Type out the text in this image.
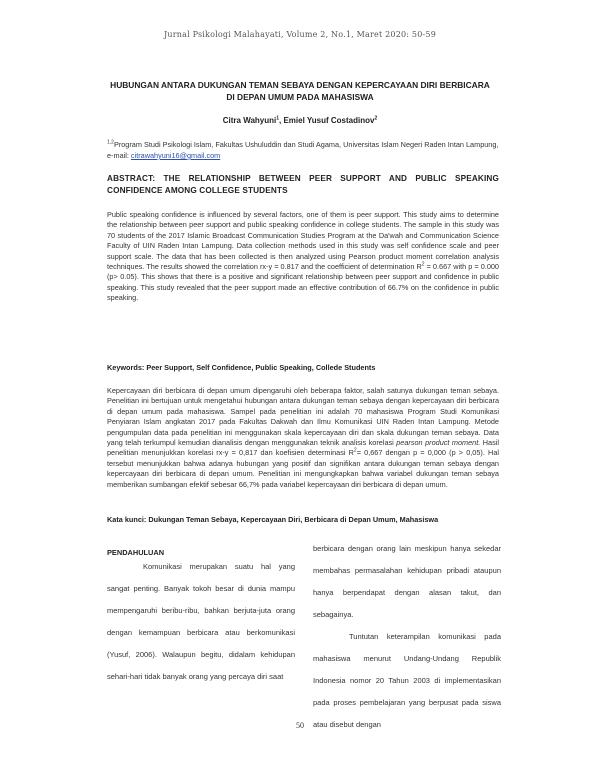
Jurnal Psikologi Malahayati, Volume 2, No.1, Maret 2020: 50-59
HUBUNGAN ANTARA DUKUNGAN TEMAN SEBAYA DENGAN KEPERCAYAAN DIRI BERBICARA DI DEPAN UMUM PADA MAHASISWA
Citra Wahyuni$^1$, Emiel Yusuf Costadinov$^2$
$^{1,2}$Program Studi Psikologi Islam, Fakultas Ushuluddin dan Studi Agama, Universitas Islam Negeri Raden Intan Lampung, e-mail: citrawahyuni16@gmail.com
ABSTRACT: THE RELATIONSHIP BETWEEN PEER SUPPORT AND PUBLIC SPEAKING CONFIDENCE AMONG COLLEGE STUDENTS
Public speaking confidence is influenced by several factors, one of them is peer support. This study aims to determine the relationship between peer support and public speaking confidence in college students. The sample in this study was 70 students of the 2017 Islamic Broadcast Communication Studies Program at the Da'wah and Communication Science Faculty of UIN Raden Intan Lampung. Data collection methods used in this study was self confidence scale and peer support scale. The data that has been collected is then analyzed using Pearson product moment correlation analysis techniques. The results showed the correlation rx-y = 0.817 and the coefficient of determination $R^2 = 0.667$ with p = 0.000 (p> 0.05). This shows that there is a positive and significant relationship between peer support and confidence in public speaking. This study revealed that the peer support made an effective contribution of 66.7% on the confidence in public speaking.
Keywords: Peer Support, Self Confidence, Public Speaking, Collede Students
Kepercayaan diri berbicara di depan umum dipengaruhi oleh beberapa faktor, salah satunya dukungan teman sebaya. Penelitian ini bertujuan untuk mengetahui hubungan antara dukungan teman sebaya dengan kepercayaan diri berbicara di depan umum pada mahasiswa. Sampel pada penelitian ini adalah 70 mahasiswa Program Studi Komunikasi Penyiaran Islam angkatan 2017 pada Fakultas Dakwah dan Ilmu Komunikasi UIN Raden Intan Lampung. Metode pengumpulan data pada penelitian ini menggunakan skala kepercayaan diri dan skala dukungan teman sebaya. Data yang telah terkumpul kemudian dianalisis dengan menggunakan teknik analisis korelasi pearson product moment. Hasil penelitian menunjukkan korelasi rx-y = 0,817 dan koefisien determinasi $R^2= 0,667$ dengan p = 0,000 (p > 0,05). Hal tersebut menunjukkan bahwa adanya hubungan yang positif dan signifikan antara dukungan teman sebaya dengan kepercayaan diri berbicara di depan umum. Penelitian ini mengungkapkan bahwa variabel dukungan teman sebaya memberikan sumbangan efektif sebesar 66,7% pada variabel kepercayaan diri berbicara di depan umum.
Kata kunci: Dukungan Teman Sebaya, Kepercayaan Diri, Berbicara di Depan Umum, Mahasiswa
PENDAHULUAN
Komunikasi merupakan suatu hal yang sangat penting. Banyak tokoh besar di dunia mampu mempengaruhi beribu-ribu, bahkan berjuta-juta orang dengan kemampuan berbicara atau berkomunikasi (Yusuf, 2006). Walaupun begitu, didalam kehidupan sehari-hari tidak banyak orang yang percaya diri saat
berbicara dengan orang lain meskipun hanya sekedar membahas permasalahan kehidupan pribadi ataupun hanya berpendapat dengan alasan takut, dan sebagainya.
Tuntutan keterampilan komunikasi pada mahasiswa menurut Undang-Undang Republik Indonesia nomor 20 Tahun 2003 di implementasikan pada proses pembelajaran yang berpusat pada siswa atau disebut dengan
50
